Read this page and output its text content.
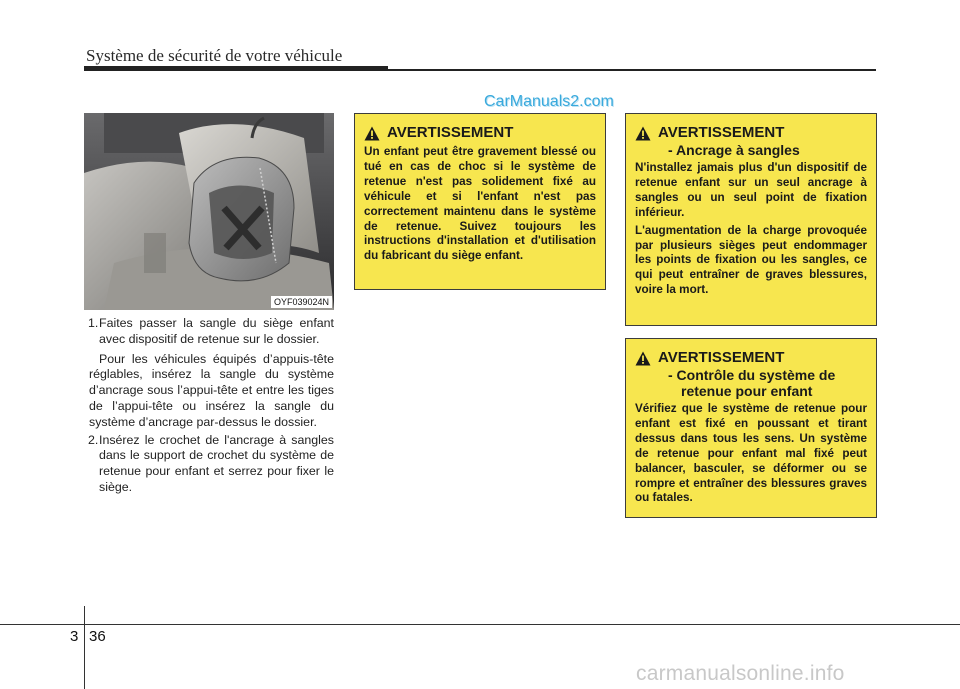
Système de sécurité de votre véhicule
CarManuals2.com
OYF039024N
1. Faites passer la sangle du siège enfant avec dispositif de retenue sur le dossier.

Pour les véhicules équipés d’appuis-tête réglables, insérez la sangle du système d’ancrage sous l’appui-tête et entre les tiges de l’appui-tête ou insérez la sangle du système d’ancrage par-dessus le dossier.

2. Insérez le crochet de l'ancrage à sangles dans le support de crochet du système de retenue pour enfant et serrez pour fixer le siège.

AVERTISSEMENT

Un enfant peut être gravement blessé ou tué en cas de choc si le système de retenue n'est pas solidement fixé au véhicule et si l'enfant n'est pas correctement maintenu dans le système de retenue. Suivez toujours les instructions d'installation et d'utilisation du fabricant du siège enfant.

AVERTISSEMENT
- Ancrage à sangles

N'installez jamais plus d'un dispositif de retenue enfant sur un seul ancrage à sangles ou un seul point de fixation inférieur.

L'augmentation de la charge provoquée par plusieurs sièges peut endommager les points de fixation ou les sangles, ce qui peut entraîner de graves blessures, voire la mort.

AVERTISSEMENT
- Contrôle du système de retenue pour enfant

Vérifiez que le système de retenue pour enfant est fixé en poussant et tirant dessus dans tous les sens. Un système de retenue pour enfant mal fixé peut balancer, basculer, se déformer ou se rompre et entraîner des blessures graves ou fatales.

3 36
carmanualsonline.info
